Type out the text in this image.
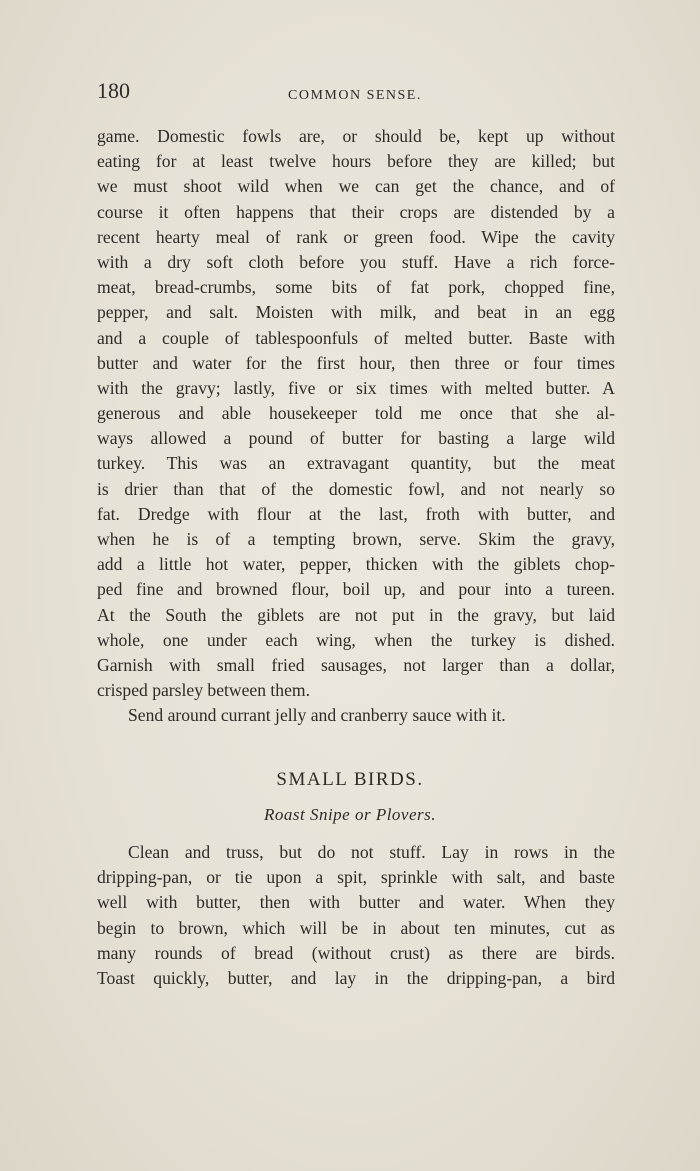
180	COMMON SENSE.
game. Domestic fowls are, or should be, kept up without
eating for at least twelve hours before they are killed; but
we must shoot wild when we can get the chance, and of
course it often happens that their crops are distended by a
recent hearty meal of rank or green food. Wipe the cavity
with a dry soft cloth before you stuff. Have a rich force-
meat, bread-crumbs, some bits of fat pork, chopped fine,
pepper, and salt. Moisten with milk, and beat in an egg
and a couple of tablespoonfuls of melted butter. Baste with
butter and water for the first hour, then three or four times
with the gravy; lastly, five or six times with melted butter. A
generous and able housekeeper told me once that she al-
ways allowed a pound of butter for basting a large wild
turkey. This was an extravagant quantity, but the meat
is drier than that of the domestic fowl, and not nearly so
fat. Dredge with flour at the last, froth with butter, and
when he is of a tempting brown, serve. Skim the gravy,
add a little hot water, pepper, thicken with the giblets chop-
ped fine and browned flour, boil up, and pour into a tureen.
At the South the giblets are not put in the gravy, but laid
whole, one under each wing, when the turkey is dished.
Garnish with small fried sausages, not larger than a dollar,
crisped parsley between them.
Send around currant jelly and cranberry sauce with it.
SMALL BIRDS.
Roast Snipe or Plovers.
Clean and truss, but do not stuff. Lay in rows in the
dripping-pan, or tie upon a spit, sprinkle with salt, and baste
well with butter, then with butter and water. When they
begin to brown, which will be in about ten minutes, cut as
many rounds of bread (without crust) as there are birds.
Toast quickly, butter, and lay in the dripping-pan, a bird
